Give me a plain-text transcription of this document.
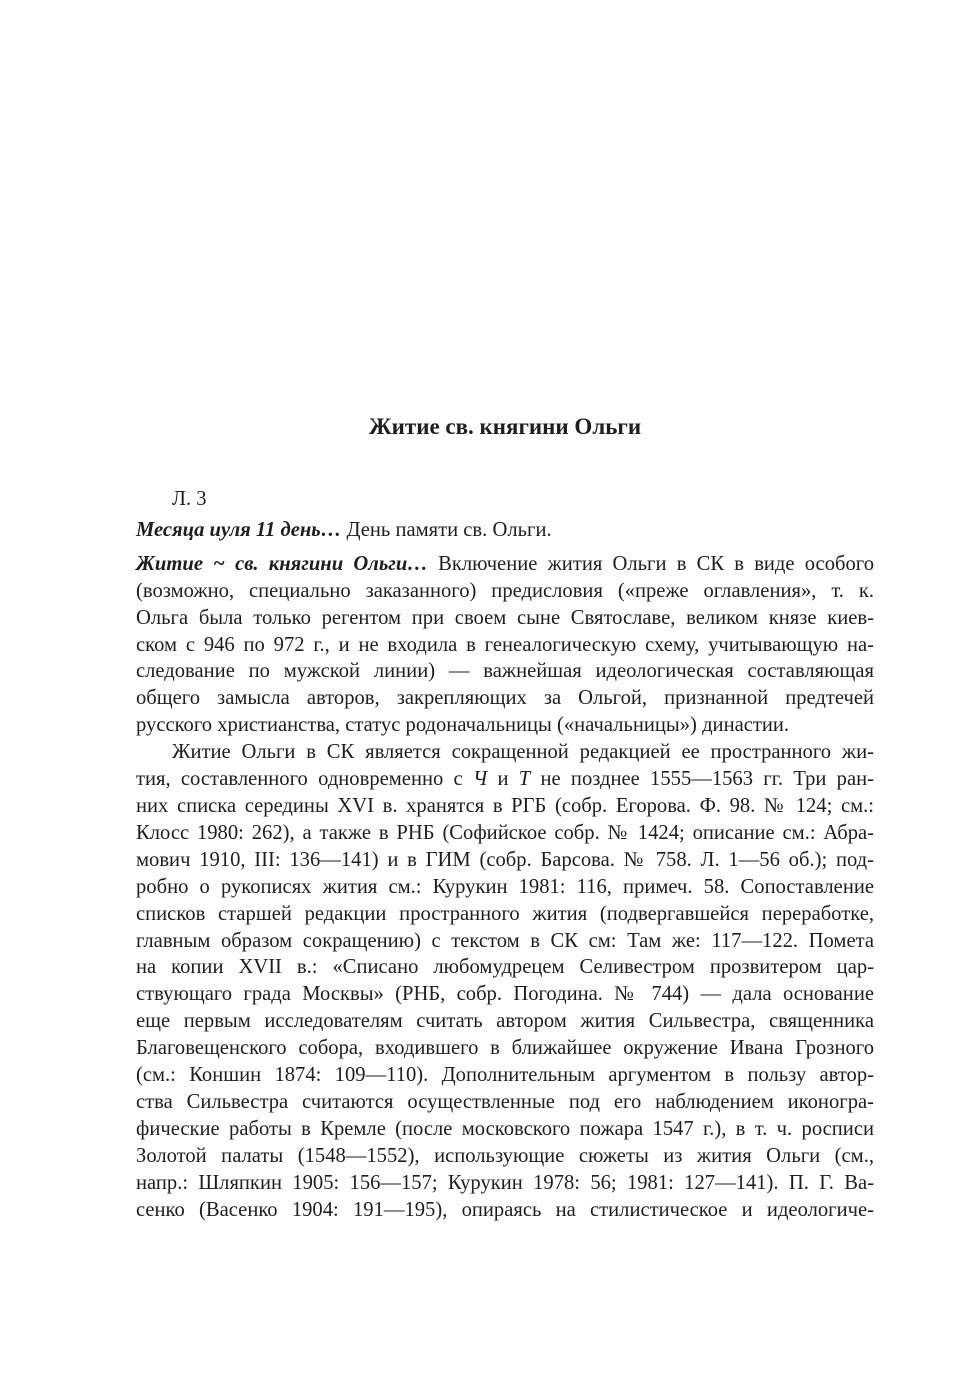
Житие св. княгини Ольги

Л. 3

Месяца иуля 11 день… День памяти св. Ольги.

Житие ~ св. княгини Ольги… Включение жития Ольги в СК в виде особого
(возможно, специально заказанного) предисловия («преже оглавления», т. к.
Ольга была только регентом при своем сыне Святославе, великом князе киев-
ском с 946 по 972 г., и не входила в генеалогическую схему, учитывающую на-
следование по мужской линии) — важнейшая идеологическая составляющая
общего замысла авторов, закрепляющих за Ольгой, признанной предтечей
русского христианства, статус родоначальницы («начальницы») династии.

Житие Ольги в СК является сокращенной редакцией ее пространного жи-
тия, составленного одновременно с Ч и Т не позднее 1555—1563 гг. Три ран-
них списка середины XVI в. хранятся в РГБ (собр. Егорова. Ф. 98. № 124; см.:
Клосс 1980: 262), а также в РНБ (Софийское собр. № 1424; описание см.: Абра-
мович 1910, III: 136—141) и в ГИМ (собр. Барсова. № 758. Л. 1—56 об.); под-
робно о рукописях жития см.: Курукин 1981: 116, примеч. 58. Сопоставление
списков старшей редакции пространного жития (подвергавшейся переработке,
главным образом сокращению) с текстом в СК см: Там же: 117—122. Помета
на копии XVII в.: «Списано любомудрецем Селивестром прозвитером цар-
ствующаго града Москвы» (РНБ, собр. Погодина. № 744) — дала основание
еще первым исследователям считать автором жития Сильвестра, священника
Благовещенского собора, входившего в ближайшее окружение Ивана Грозного
(см.: Коншин 1874: 109—110). Дополнительным аргументом в пользу автор-
ства Сильвестра считаются осуществленные под его наблюдением иконогра-
фические работы в Кремле (после московского пожара 1547 г.), в т. ч. росписи
Золотой палаты (1548—1552), использующие сюжеты из жития Ольги (см.,
напр.: Шляпкин 1905: 156—157; Курукин 1978: 56; 1981: 127—141). П. Г. Ва-
сенко (Васенко 1904: 191—195), опираясь на стилистическое и идеологиче-
